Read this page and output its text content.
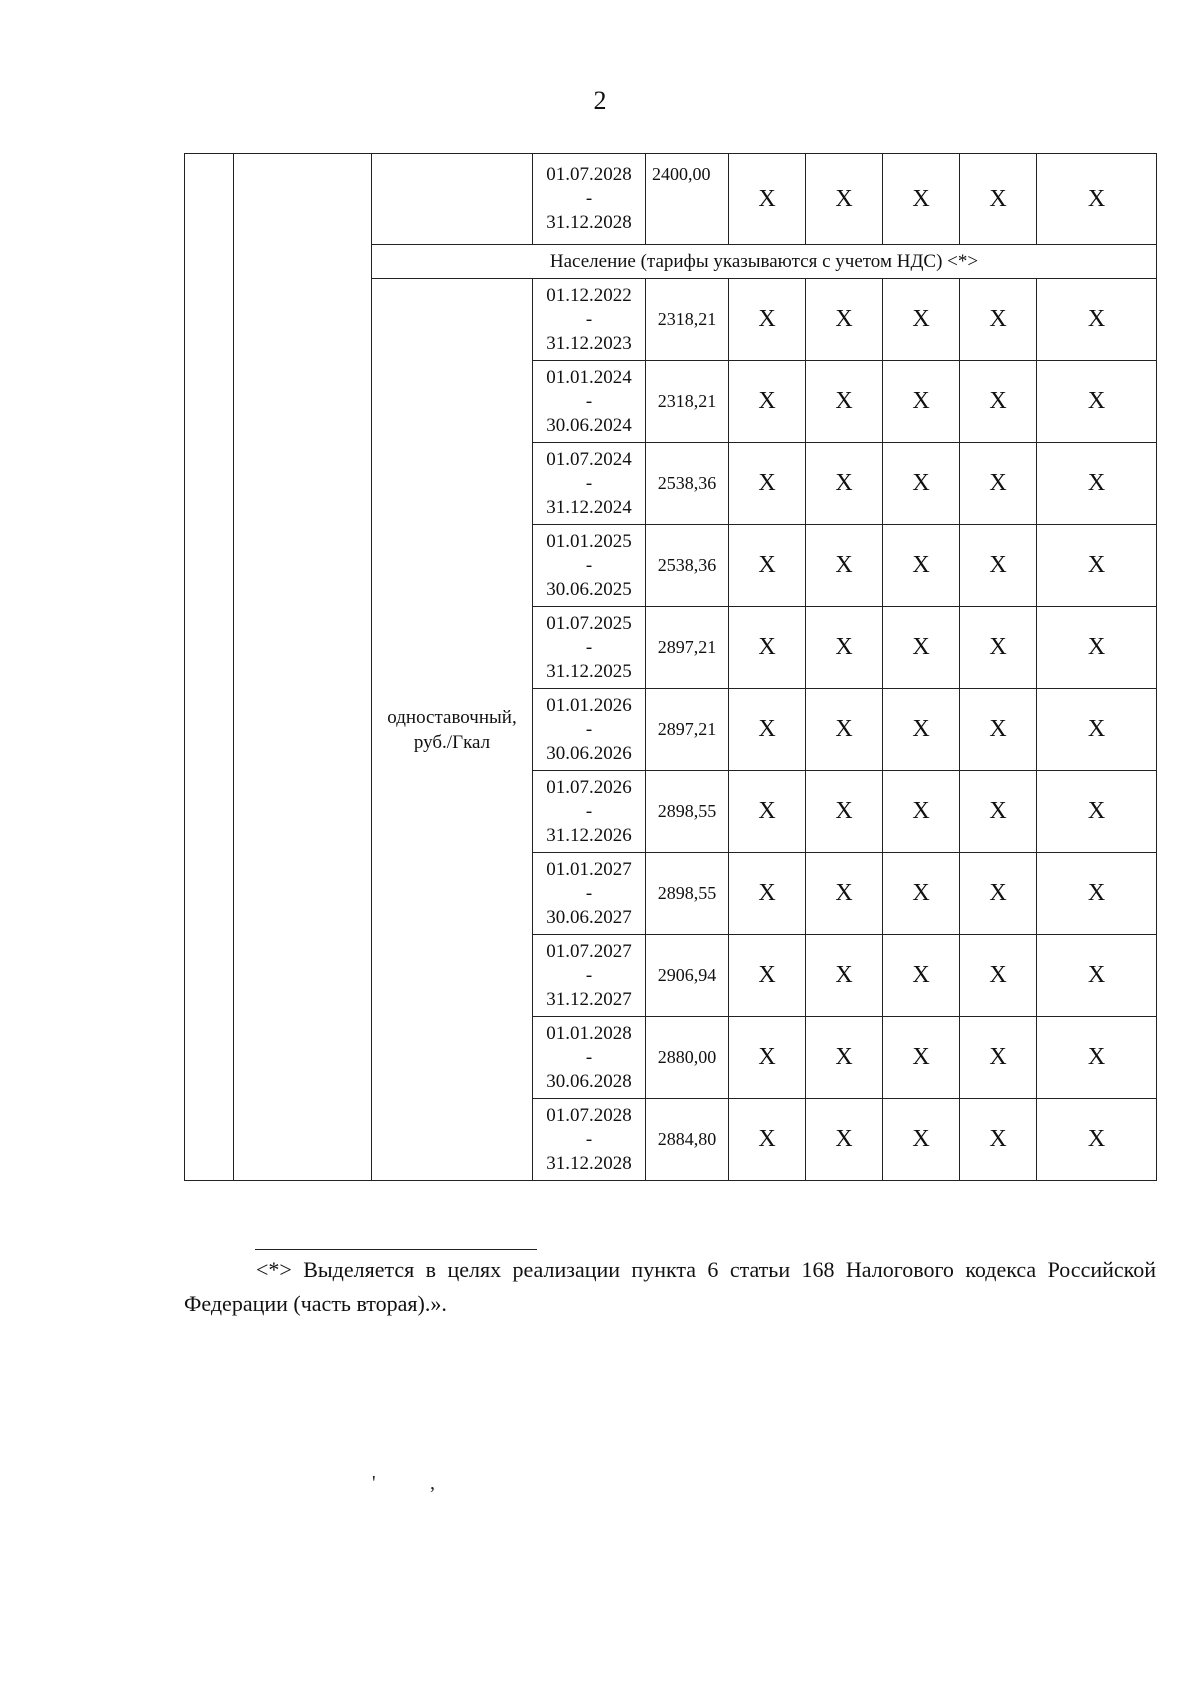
2

			01.07.2028
-
31.12.2028	2400,00	X	X	X	X	X
		Население (тарифы указываются с учетом НДС) <*>							
		одноставочный, руб./Гкал	01.12.2022
-
31.12.2023	2318,21	X	X	X	X	X

			01.01.2024
-
30.06.2024	2318,21	X	X	X	X	X

			01.07.2024
-
31.12.2024	2538,36	X	X	X	X	X

			01.01.2025
-
30.06.2025	2538,36	X	X	X	X	X

			01.07.2025
-
31.12.2025	2897,21	X	X	X	X	X

			01.01.2026
-
30.06.2026	2897,21	X	X	X	X	X

			01.07.2026
-
31.12.2026	2898,55	X	X	X	X	X

			01.01.2027
-
30.06.2027	2898,55	X	X	X	X	X

			01.07.2027
-
31.12.2027	2906,94	X	X	X	X	X

			01.01.2028
-
30.06.2028	2880,00	X	X	X	X	X

			01.07.2028
-
31.12.2028	2884,80	X	X	X	X	X
<*> Выделяется в целях реализации пункта 6 статьи 168 Налогового кодекса Российской Федерации (часть вторая).».
'	,
